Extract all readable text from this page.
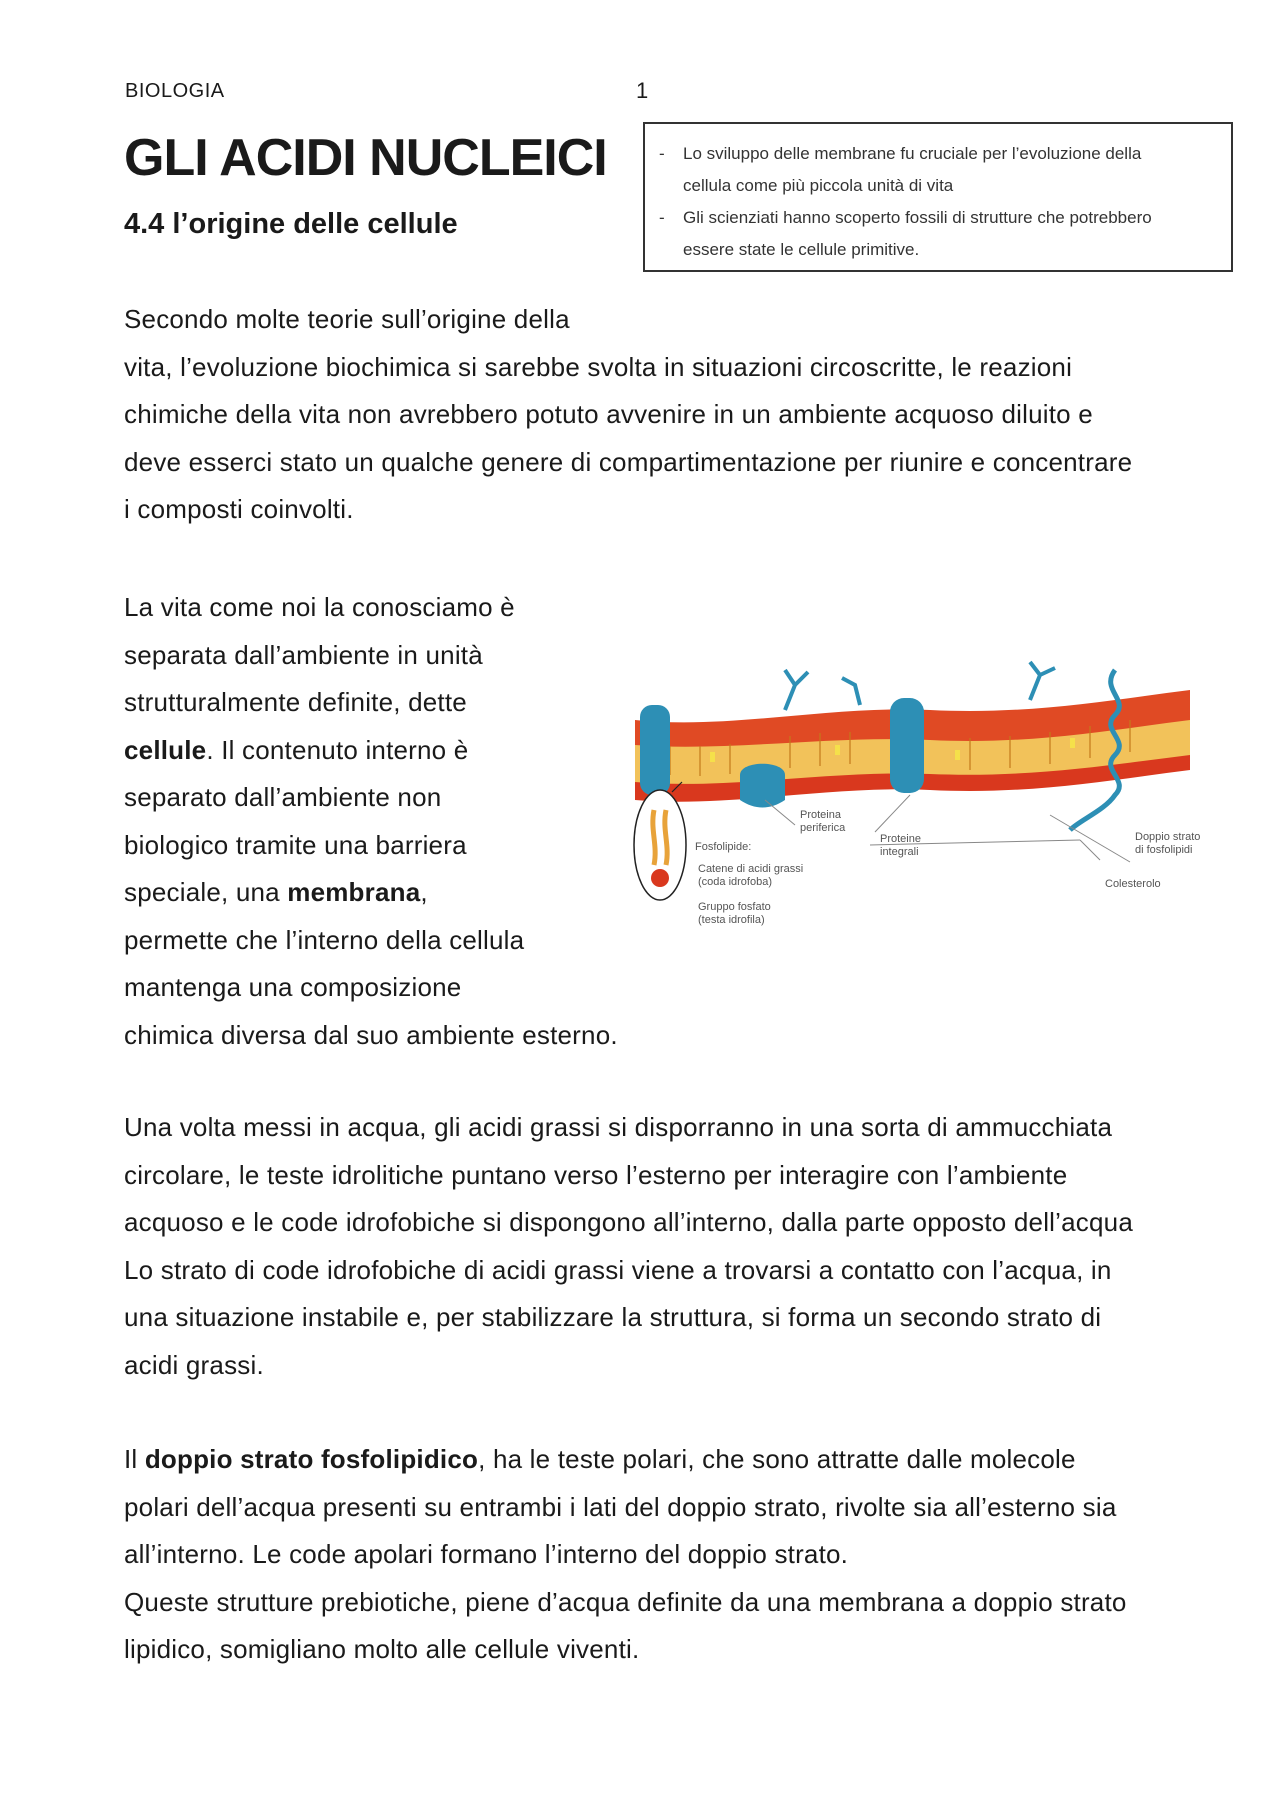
BIOLOGIA	1
GLI ACIDI NUCLEICI
4.4 l’origine delle cellule
- Lo sviluppo delle membrane fu cruciale per l’evoluzione della
cellula come più piccola unità di vita
- Gli scienziati hanno scoperto fossili di strutture che potrebbero
essere state le cellule primitive.
Secondo molte teorie sull’origine della
vita, l’evoluzione biochimica si sarebbe svolta in situazioni circoscritte, le reazioni
chimiche della vita non avrebbero potuto avvenire in un ambiente acquoso diluito e
deve esserci stato un qualche genere di compartimentazione per riunire e concentrare
i composti coinvolti.
La vita come noi la conosciamo è
separata dall’ambiente in unità
strutturalmente definite, dette
cellule. Il contenuto interno è
separato dall’ambiente non
biologico tramite una barriera
speciale, una membrana,
permette che l’interno della cellula
mantenga una composizione
chimica diversa dal suo ambiente esterno.
Proteina
periferica
Proteine
integrali
Doppio strato
di fosfolipidi
Fosfolipide:
Catene di acidi grassi
(coda idrofoba)
Gruppo fosfato
(testa idrofila)
Colesterolo
Una volta messi in acqua, gli acidi grassi si disporranno in una sorta di ammucchiata
circolare, le teste idrolitiche puntano verso l’esterno per interagire con l’ambiente
acquoso e le code idrofobiche si dispongono all’interno, dalla parte opposto dell’acqua
Lo strato di code idrofobiche di acidi grassi viene a trovarsi a contatto con l’acqua, in
una situazione instabile e, per stabilizzare la struttura, si forma un secondo strato di
acidi grassi.
Il doppio strato fosfolipidico, ha le teste polari, che sono attratte dalle molecole
polari dell’acqua presenti su entrambi i lati del doppio strato, rivolte sia all’esterno sia
all’interno. Le code apolari formano l’interno del doppio strato.
Queste strutture prebiotiche, piene d’acqua definite da una membrana a doppio strato
lipidico, somigliano molto alle cellule viventi.
